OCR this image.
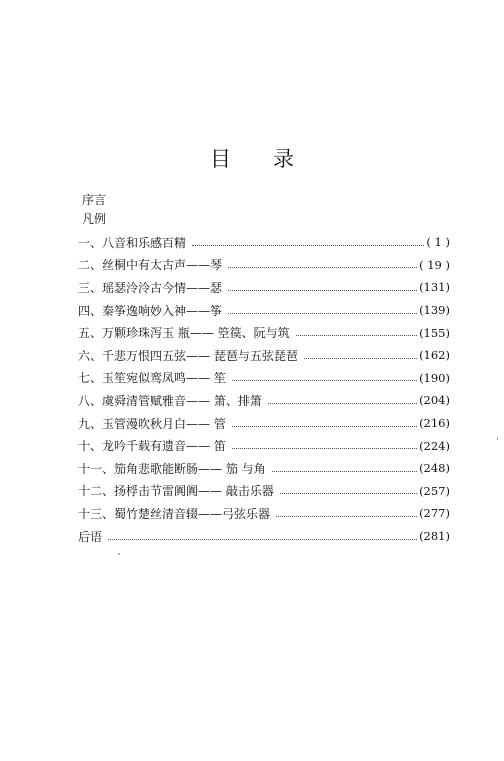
目 录
序言
凡例
一、八音和乐感百精	( 1 )
二、丝桐中有太古声——琴	( 19 )
三、瑶瑟泠泠古今情——瑟	(131)
四、秦筝逸响妙入神——筝	(139)
五、万颗珍珠泻玉 瓶—— 箜篌、阮与筑	(155)
六、千悲万恨四五弦—— 琵琶与五弦琵琶	(162)
七、玉笙宛似鸾凤鸣—— 笙	(190)
八、虞舜清管赋雅音—— 箫、排箫	(204)
九、玉管漫吹秋月白—— 管	(216)
十、龙吟千载有遗音—— 笛	(224)
十一、笳角悲歌能断肠—— 笳 与角	(248)
十二、扬桴击节雷阗阗—— 敲击乐器	(257)
十三、蜀竹楚丝清音辍——弓弦乐器	(277)
后语	(281)
